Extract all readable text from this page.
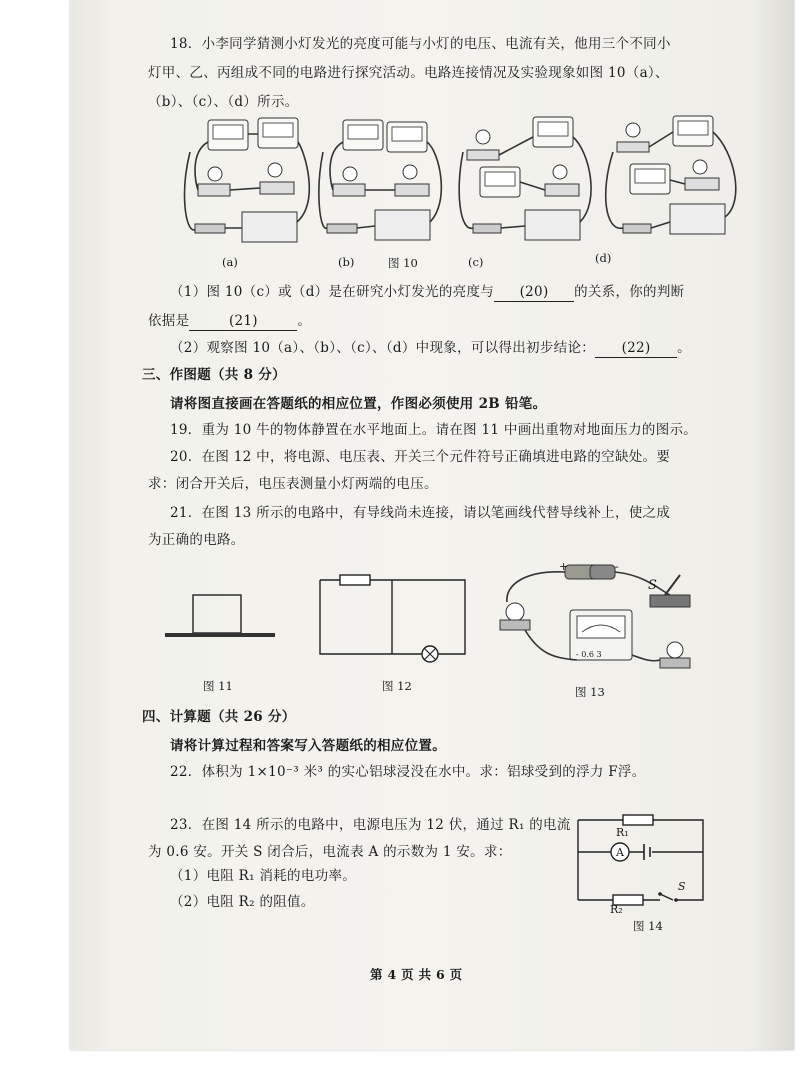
18．小李同学猜测小灯发光的亮度可能与小灯的电压、电流有关，他用三个不同小
灯甲、乙、丙组成不同的电路进行探究活动。电路连接情况及实验现象如图 10（a）、
（b）、（c）、（d）所示。
(a)	(b)	图 10	(c)	(d)
（1）图 10（c）或（d）是在研究小灯发光的亮度与 (20) 的关系，你的判断
依据是	(21)	。
（2）观察图 10（a）、（b）、（c）、（d）中现象，可以得出初步结论： (22) 。
三、作图题（共 8 分）
请将图直接画在答题纸的相应位置，作图必须使用 2B 铅笔。
19．重为 10 牛的物体静置在水平地面上。请在图 11 中画出重物对地面压力的图示。
20．在图 12 中，将电源、电压表、开关三个元件符号正确填进电路的空缺处。要
求：闭合开关后，电压表测量小灯两端的电压。
21．在图 13 所示的电路中，有导线尚未连接，请以笔画线代替导线补上，使之成
为正确的电路。
图 11	图 12
+	-
S
- 0.6 3
图 13
四、计算题（共 26 分）
请将计算过程和答案写入答题纸的相应位置。
22．体积为 1×10⁻³ 米³ 的实心铝球浸没在水中。求：铝球受到的浮力 F浮。
23．在图 14 所示的电路中，电源电压为 12 伏，通过 R₁ 的电流
为 0.6 安。开关 S 闭合后，电流表 A 的示数为 1 安。求：
（1）电阻 R₁ 消耗的电功率。
（2）电阻 R₂ 的阻值。
R₁
A
S
R₂
图 14
第 4 页 共 6 页
